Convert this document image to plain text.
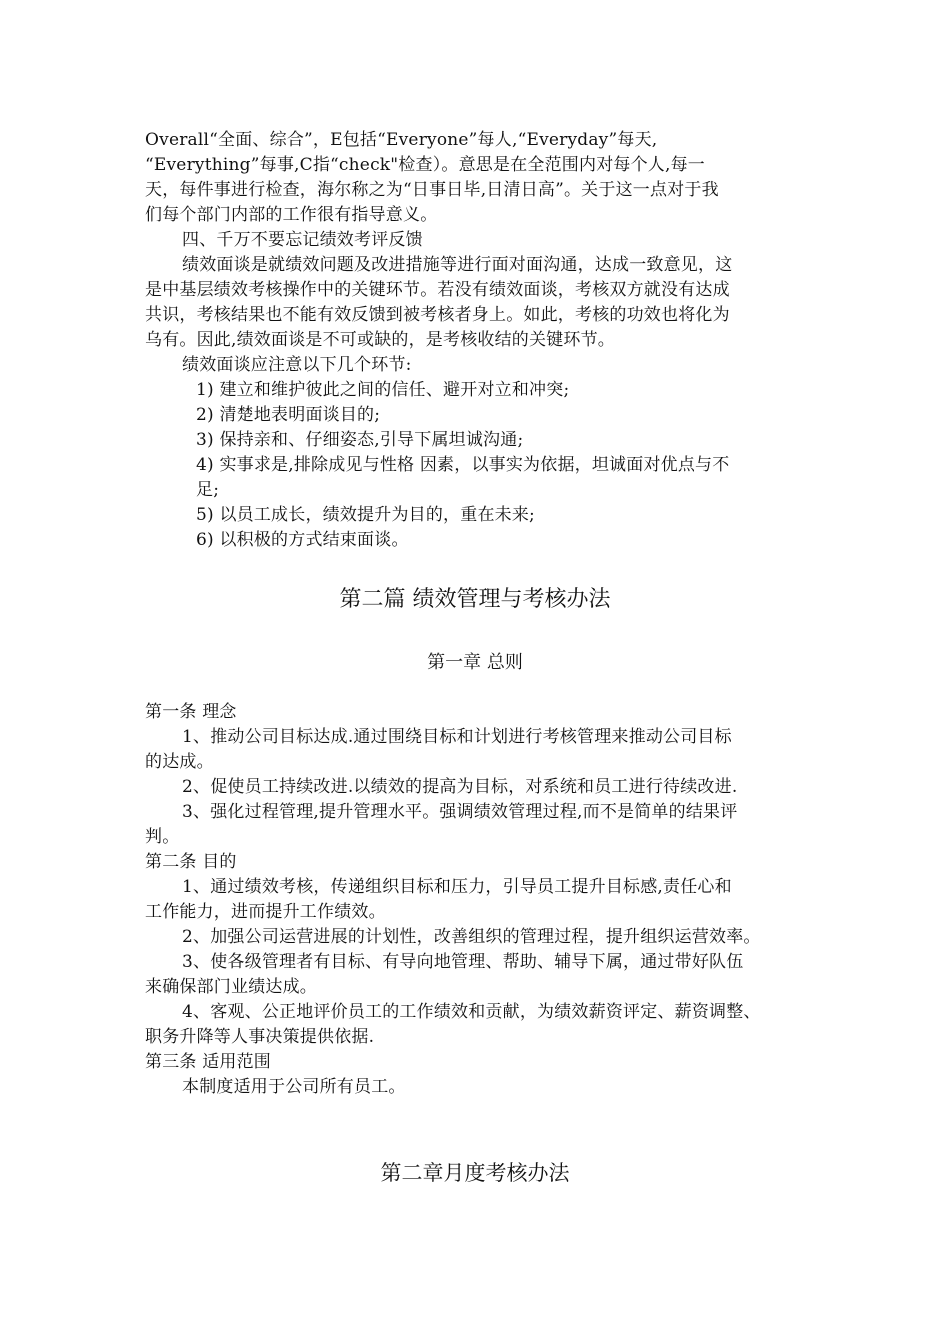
Overall“全面、综合”，E包括“Everyone”每人,“Everyday”每天,
“Everything”每事,C指“check"检查）。意思是在全范围内对每个人,每一
天，每件事进行检查，海尔称之为“日事日毕,日清日高”。关于这一点对于我
们每个部门内部的工作很有指导意义。
四、千万不要忘记绩效考评反馈
绩效面谈是就绩效问题及改进措施等进行面对面沟通，达成一致意见，这
是中基层绩效考核操作中的关键环节。若没有绩效面谈，考核双方就没有达成
共识，考核结果也不能有效反馈到被考核者身上。如此，考核的功效也将化为
乌有。因此,绩效面谈是不可或缺的，是考核收结的关键环节。
绩效面谈应注意以下几个环节:
1) 建立和维护彼此之间的信任、避开对立和冲突;
2) 清楚地表明面谈目的;
3) 保持亲和、仔细姿态,引导下属坦诚沟通;
4) 实事求是,排除成见与性格 因素，以事实为依据，坦诚面对优点与不
足;
5) 以员工成长，绩效提升为目的，重在未来;
6) 以积极的方式结束面谈。
第二篇 绩效管理与考核办法
第一章 总则
第一条 理念
1、推动公司目标达成.通过围绕目标和计划进行考核管理来推动公司目标
的达成。
2、促使员工持续改进.以绩效的提高为目标，对系统和员工进行待续改进.
3、强化过程管理,提升管理水平。强调绩效管理过程,而不是简单的结果评
判。
第二条 目的
1、通过绩效考核，传递组织目标和压力，引导员工提升目标感,责任心和
工作能力，进而提升工作绩效。
2、加强公司运营进展的计划性，改善组织的管理过程，提升组织运营效率。
3、使各级管理者有目标、有导向地管理、帮助、辅导下属，通过带好队伍
来确保部门业绩达成。
4、客观、公正地评价员工的工作绩效和贡献，为绩效薪资评定、薪资调整、
职务升降等人事决策提供依据.
第三条 适用范围
本制度适用于公司所有员工。
第二章月度考核办法
